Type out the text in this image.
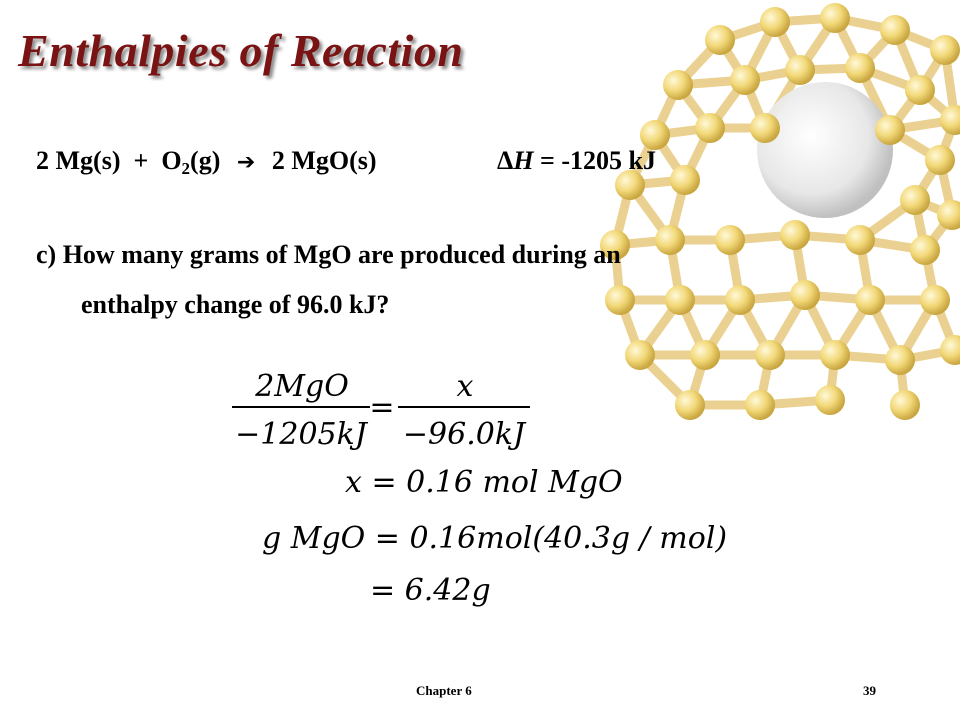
Enthalpies of Reaction
2 $Mg(s) + O_2(g)$ ➔ 2 MgO(s)	ΔH = -1205 kJ
c) How many grams of MgO are produced during an
enthalpy change of 96.0 kJ?
2MgO
−1205kJ
=
x
−96.0kJ
x = 0.16 mol MgO
g MgO = 0.16mol(40.3g / mol)
= 6.42g
Chapter 6	39
